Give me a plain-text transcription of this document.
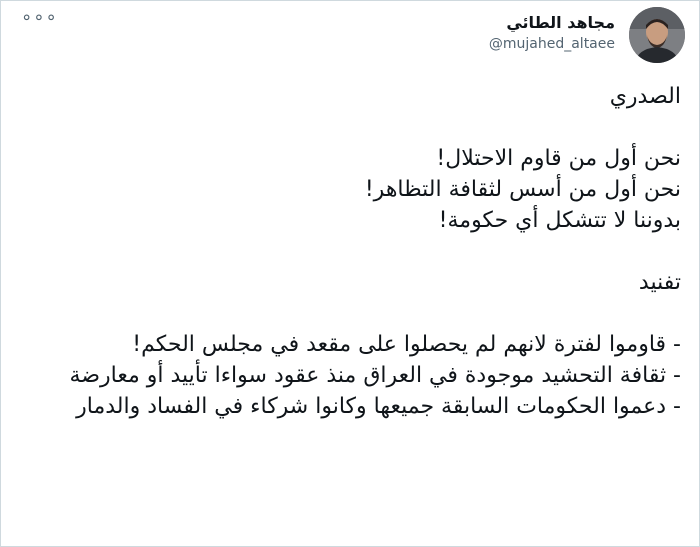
∘∘∘	مجاهد الطائي
@mujahed_altaee

الصدري

نحن أول من قاوم الاحتلال!
نحن أول من أسس لثقافة التظاهر!
بدوننا لا تتشكل أي حكومة!

تفنيد

- قاوموا لفترة لانهم لم يحصلوا على مقعد في مجلس الحكم!
- ثقافة التحشيد موجودة في العراق منذ عقود سواءا تأييد أو معارضة
- دعموا الحكومات السابقة جميعها وكانوا شركاء في الفساد والدمار
